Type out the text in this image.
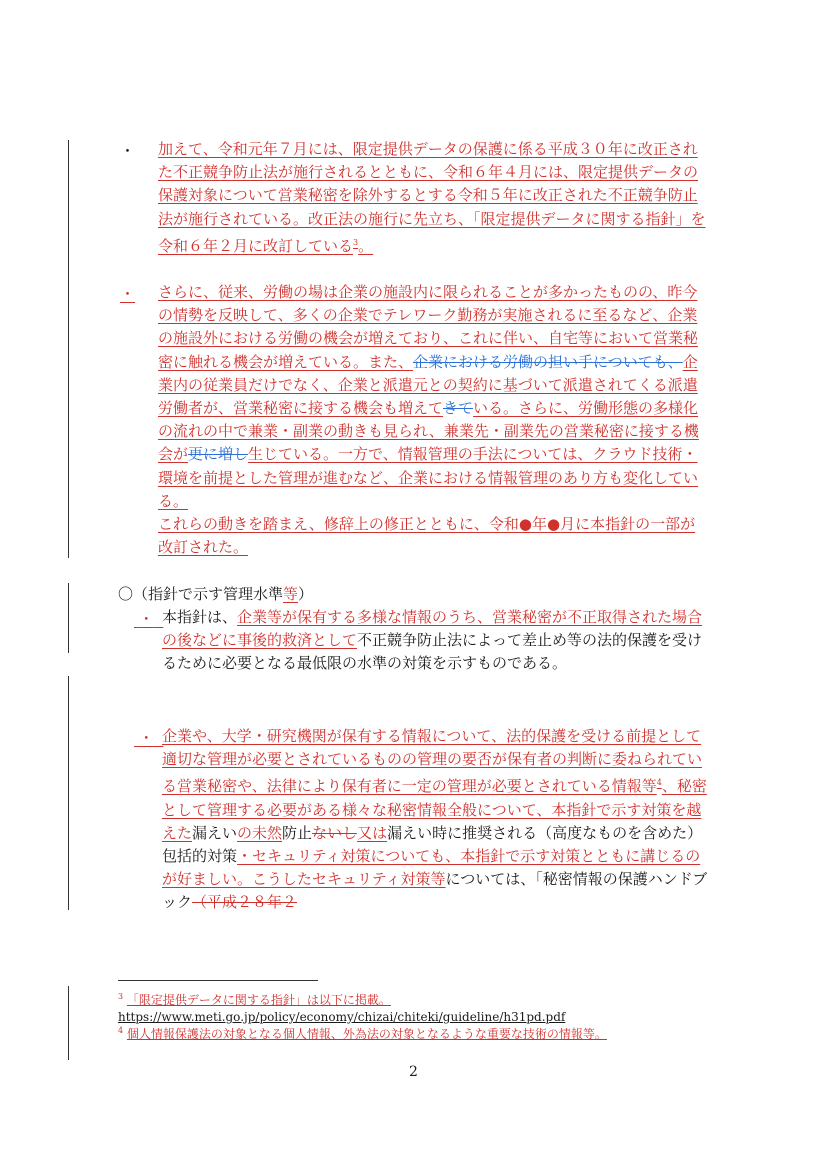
・ 加えて、令和元年７月には、限定提供データの保護に係る平成３０年に改正された不正競争防止法が施行されるとともに、令和６年４月には、限定提供データの保護対象について営業秘密を除外するとする令和５年に改正された不正競争防止法が施行されている。改正法の施行に先立ち、「限定提供データに関する指針」を令和６年２月に改訂している$^3$。
・ さらに、従来、労働の場は企業の施設内に限られることが多かったものの、昨今の情勢を反映して、多くの企業でテレワーク勤務が実施されるに至るなど、企業の施設外における労働の機会が増えており、これに伴い、自宅等において営業秘密に触れる機会が増えている。また、企業における労働の担い手についても、企業内の従業員だけでなく、企業と派遣元との契約に基づいて派遣されてくる派遣労働者が、営業秘密に接する機会も増えてきている。さらに、労働形態の多様化の流れの中で兼業・副業の動きも見られ、兼業先・副業先の営業秘密に接する機会が更に増し生じている。一方で、情報管理の手法については、クラウド技術・環境を前提とした管理が進むなど、企業における情報管理のあり方も変化している。
これらの動きを踏まえ、修辞上の修正とともに、令和●年●月に本指針の一部が改訂された。
〇（指針で示す管理水準等）
・ 本指針は、企業等が保有する多様な情報のうち、営業秘密が不正取得された場合の後などに事後的救済として不正競争防止法によって差止め等の法的保護を受けるために必要となる最低限の水準の対策を示すものである。
・ 企業や、大学・研究機関が保有する情報について、法的保護を受ける前提として適切な管理が必要とされているものの管理の要否が保有者の判断に委ねられている営業秘密や、法律により保有者に一定の管理が必要とされている情報等$^4$、秘密として管理する必要がある様々な秘密情報全般について、本指針で示す対策を越えた漏えいの未然防止ないし又は漏えい時に推奨される（高度なものを含めた）包括的対策・セキュリティ対策についても、本指針で示す対策とともに講じるのが好ましい。こうしたセキュリティ対策等については、「秘密情報の保護ハンドブック（平成２８年２
$^3$ 「限定提供データに関する指針」は以下に掲載。
https://www.meti.go.jp/policy/economy/chizai/chiteki/guideline/h31pd.pdf
$^4$ 個人情報保護法の対象となる個人情報、外為法の対象となるような重要な技術の情報等。
2
